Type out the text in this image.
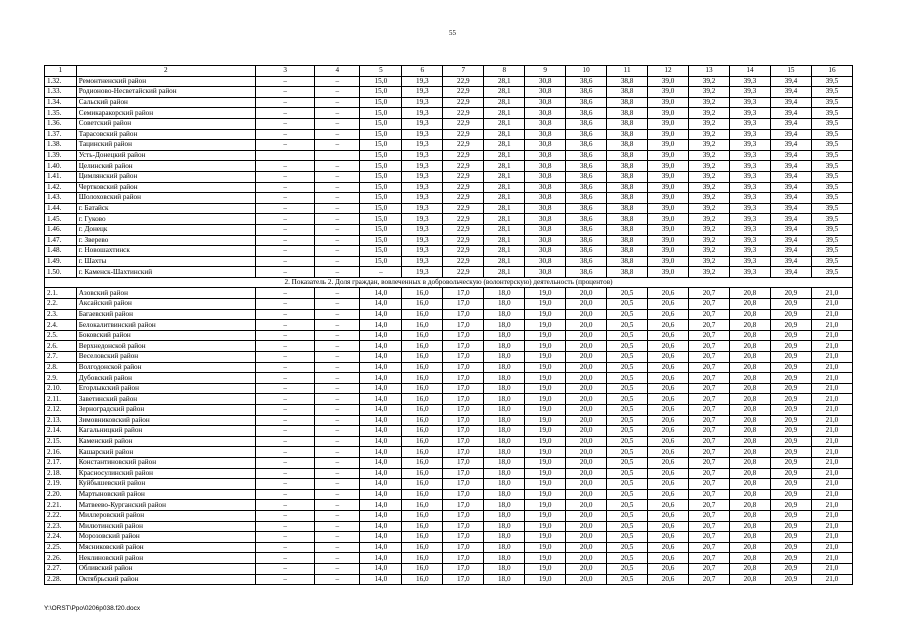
55
1	2	3	4	5	6	7	8	9	10	11	12	13	14	15	16
1.32.	Ремонтненский район	–	–	15,0	19,3	22,9	28,1	30,8	38,6	38,8	39,0	39,2	39,3	39,4	39,5
1.33.	Родионово-Несветайский район	–	–	15,0	19,3	22,9	28,1	30,8	38,6	38,8	39,0	39,2	39,3	39,4	39,5
1.34.	Сальский район	–	–	15,0	19,3	22,9	28,1	30,8	38,6	38,8	39,0	39,2	39,3	39,4	39,5
1.35.	Семикаракорский район	–	–	15,0	19,3	22,9	28,1	30,8	38,6	38,8	39,0	39,2	39,3	39,4	39,5
1.36.	Советский район	–	–	15,0	19,3	22,9	28,1	30,8	38,6	38,8	39,0	39,2	39,3	39,4	39,5
1.37.	Тарасовский район	–	–	15,0	19,3	22,9	28,1	30,8	38,6	38,8	39,0	39,2	39,3	39,4	39,5
1.38.	Тацинский район	–	–	15,0	19,3	22,9	28,1	30,8	38,6	38,8	39,0	39,2	39,3	39,4	39,5
1.39.	Усть-Донецкий район			15,0	19,3	22,9	28,1	30,8	38,6	38,8	39,0	39,2	39,3	39,4	39,5
1.40.	Целинский район	–	–	15,0	19,3	22,9	28,1	30,8	38,6	38,8	39,0	39,2	39,3	39,4	39,5
1.41.	Цимлянский район	–	–	15,0	19,3	22,9	28,1	30,8	38,6	38,8	39,0	39,2	39,3	39,4	39,5
1.42.	Чертковский район	–	–	15,0	19,3	22,9	28,1	30,8	38,6	38,8	39,0	39,2	39,3	39,4	39,5
1.43.	Шолоховский район	–	–	15,0	19,3	22,9	28,1	30,8	38,6	38,8	39,0	39,2	39,3	39,4	39,5
1.44.	г. Батайск	–	–	15,0	19,3	22,9	28,1	30,8	38,6	38,8	39,0	39,2	39,3	39,4	39,5
1.45.	г. Гуково	–	–	15,0	19,3	22,9	28,1	30,8	38,6	38,8	39,0	39,2	39,3	39,4	39,5
1.46.	г. Донецк	–	–	15,0	19,3	22,9	28,1	30,8	38,6	38,8	39,0	39,2	39,3	39,4	39,5
1.47.	г. Зверево	–	–	15,0	19,3	22,9	28,1	30,8	38,6	38,8	39,0	39,2	39,3	39,4	39,5
1.48.	г. Новошахтинск	–	–	15,0	19,3	22,9	28,1	30,8	38,6	38,8	39,0	39,2	39,3	39,4	39,5
1.49.	г. Шахты	–	–	15,0	19,3	22,9	28,1	30,8	38,6	38,8	39,0	39,2	39,3	39,4	39,5
1.50.	г. Каменск-Шахтинский	–	–	–	19,3	22,9	28,1	30,8	38,6	38,8	39,0	39,2	39,3	39,4	39,5
2. Показатель 2. Доля граждан, вовлеченных в добровольческую (волонтерскую) деятельность (процентов)															
2.1.	Азовский район	–	–	14,0	16,0	17,0	18,0	19,0	20,0	20,5	20,6	20,7	20,8	20,9	21,0
2.2.	Аксайский район	–	–	14,0	16,0	17,0	18,0	19,0	20,0	20,5	20,6	20,7	20,8	20,9	21,0
2.3.	Багаевский район	–	–	14,0	16,0	17,0	18,0	19,0	20,0	20,5	20,6	20,7	20,8	20,9	21,0
2.4.	Белокалитвинский район	–	–	14,0	16,0	17,0	18,0	19,0	20,0	20,5	20,6	20,7	20,8	20,9	21,0
2.5.	Боковский район	–	–	14,0	16,0	17,0	18,0	19,0	20,0	20,5	20,6	20,7	20,8	20,9	21,0
2.6.	Верхнедонской район	–	–	14,0	16,0	17,0	18,0	19,0	20,0	20,5	20,6	20,7	20,8	20,9	21,0
2.7.	Веселовский район	–	–	14,0	16,0	17,0	18,0	19,0	20,0	20,5	20,6	20,7	20,8	20,9	21,0
2.8.	Волгодонской район	–	–	14,0	16,0	17,0	18,0	19,0	20,0	20,5	20,6	20,7	20,8	20,9	21,0
2.9.	Дубовский район	–	–	14,0	16,0	17,0	18,0	19,0	20,0	20,5	20,6	20,7	20,8	20,9	21,0
2.10.	Егорлыкский район	–	–	14,0	16,0	17,0	18,0	19,0	20,0	20,5	20,6	20,7	20,8	20,9	21,0
2.11.	Заветинский район	–	–	14,0	16,0	17,0	18,0	19,0	20,0	20,5	20,6	20,7	20,8	20,9	21,0
2.12.	Зерноградский район	–	–	14,0	16,0	17,0	18,0	19,0	20,0	20,5	20,6	20,7	20,8	20,9	21,0
2.13.	Зимовниковский район	–	–	14,0	16,0	17,0	18,0	19,0	20,0	20,5	20,6	20,7	20,8	20,9	21,0
2.14.	Кагальницкий район	–	–	14,0	16,0	17,0	18,0	19,0	20,0	20,5	20,6	20,7	20,8	20,9	21,0
2.15.	Каменский район	–	–	14,0	16,0	17,0	18,0	19,0	20,0	20,5	20,6	20,7	20,8	20,9	21,0
2.16.	Кашарский район	–	–	14,0	16,0	17,0	18,0	19,0	20,0	20,5	20,6	20,7	20,8	20,9	21,0
2.17.	Константиновский район	–	–	14,0	16,0	17,0	18,0	19,0	20,0	20,5	20,6	20,7	20,8	20,9	21,0
2.18.	Красносулинский район	–	–	14,0	16,0	17,0	18,0	19,0	20,0	20,5	20,6	20,7	20,8	20,9	21,0
2.19.	Куйбышевский район	–	–	14,0	16,0	17,0	18,0	19,0	20,0	20,5	20,6	20,7	20,8	20,9	21,0
2.20.	Мартыновский район	–	–	14,0	16,0	17,0	18,0	19,0	20,0	20,5	20,6	20,7	20,8	20,9	21,0
2.21.	Матвеево-Курганский район	–	–	14,0	16,0	17,0	18,0	19,0	20,0	20,5	20,6	20,7	20,8	20,9	21,0
2.22.	Миллеровский район	–	–	14,0	16,0	17,0	18,0	19,0	20,0	20,5	20,6	20,7	20,8	20,9	21,0
2.23.	Милютинский район	–	–	14,0	16,0	17,0	18,0	19,0	20,0	20,5	20,6	20,7	20,8	20,9	21,0
2.24.	Морозовский район	–	–	14,0	16,0	17,0	18,0	19,0	20,0	20,5	20,6	20,7	20,8	20,9	21,0
2.25.	Мясниковский район	–	–	14,0	16,0	17,0	18,0	19,0	20,0	20,5	20,6	20,7	20,8	20,9	21,0
2.26.	Неклиновский район	–	–	14,0	16,0	17,0	18,0	19,0	20,0	20,5	20,6	20,7	20,8	20,9	21,0
2.27.	Обливский район	–	–	14,0	16,0	17,0	18,0	19,0	20,0	20,5	20,6	20,7	20,8	20,9	21,0
2.28.	Октябрьский район	–	–	14,0	16,0	17,0	18,0	19,0	20,0	20,5	20,6	20,7	20,8	20,9	21,0
Y:\ORST\Ppo\0206p038.f20.docx
